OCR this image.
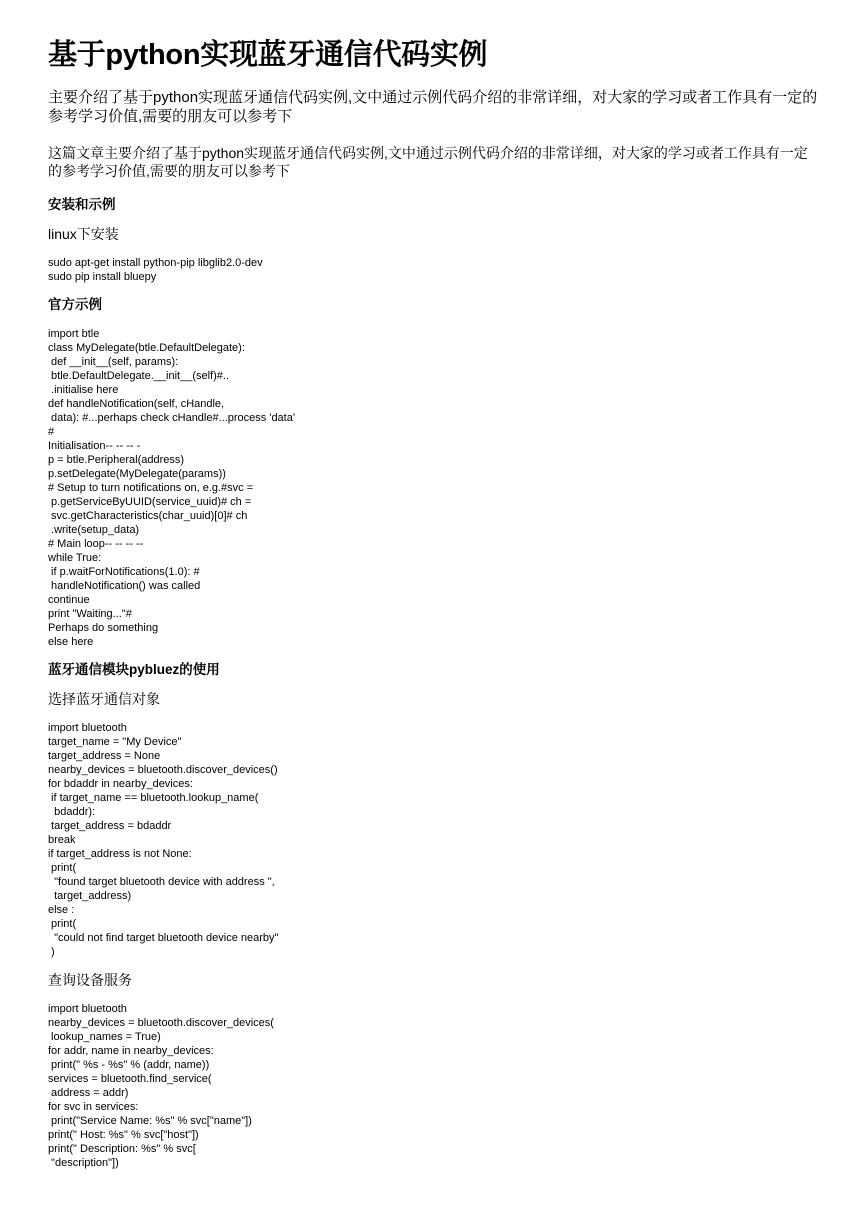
基于python实现蓝牙通信代码实例

主要介绍了基于python实现蓝牙通信代码实例,文中通过示例代码介绍的非常详细，对大家的学习或者工作具有一定的参考学习价值,需要的朋友可以参考下

这篇文章主要介绍了基于python实现蓝牙通信代码实例,文中通过示例代码介绍的非常详细，对大家的学习或者工作具有一定的参考学习价值,需要的朋友可以参考下

安装和示例
linux下安装
sudo apt-get install python-pip libglib2.0-dev
sudo pip install bluepy
官方示例
import btle
class MyDelegate(btle.DefaultDelegate):
def __init__(self, params):
btle.DefaultDelegate.__init__(self)#..
.initialise here
def handleNotification(self, cHandle,
data): #...perhaps check cHandle#...process 'data'
#
Initialisation-- -- -- -
p = btle.Peripheral(address)
p.setDelegate(MyDelegate(params))
# Setup to turn notifications on, e.g.#svc =
p.getServiceByUUID(service_uuid)# ch =
svc.getCharacteristics(char_uuid)[0]# ch
.write(setup_data)
# Main loop-- -- -- --
while True:
if p.waitForNotifications(1.0): #
handleNotification() was called
continue
print "Waiting..."#
Perhaps do something
else here
蓝牙通信模块pybluez的使用
选择蓝牙通信对象
import bluetooth
target_name = "My Device"
target_address = None
nearby_devices = bluetooth.discover_devices()
for bdaddr in nearby_devices:
if target_name == bluetooth.lookup_name(
bdaddr):
target_address = bdaddr
break
if target_address is not None:
print(
"found target bluetooth device with address ",
target_address)
else :
print(
"could not find target bluetooth device nearby"
)
查询设备服务
import bluetooth
nearby_devices = bluetooth.discover_devices(
lookup_names = True)
for addr, name in nearby_devices:
print(" %s - %s" % (addr, name))
services = bluetooth.find_service(
address = addr)
for svc in services:
print("Service Name: %s" % svc["name"])
print(" Host: %s" % svc["host"])
print(" Description: %s" % svc[
"description"])
